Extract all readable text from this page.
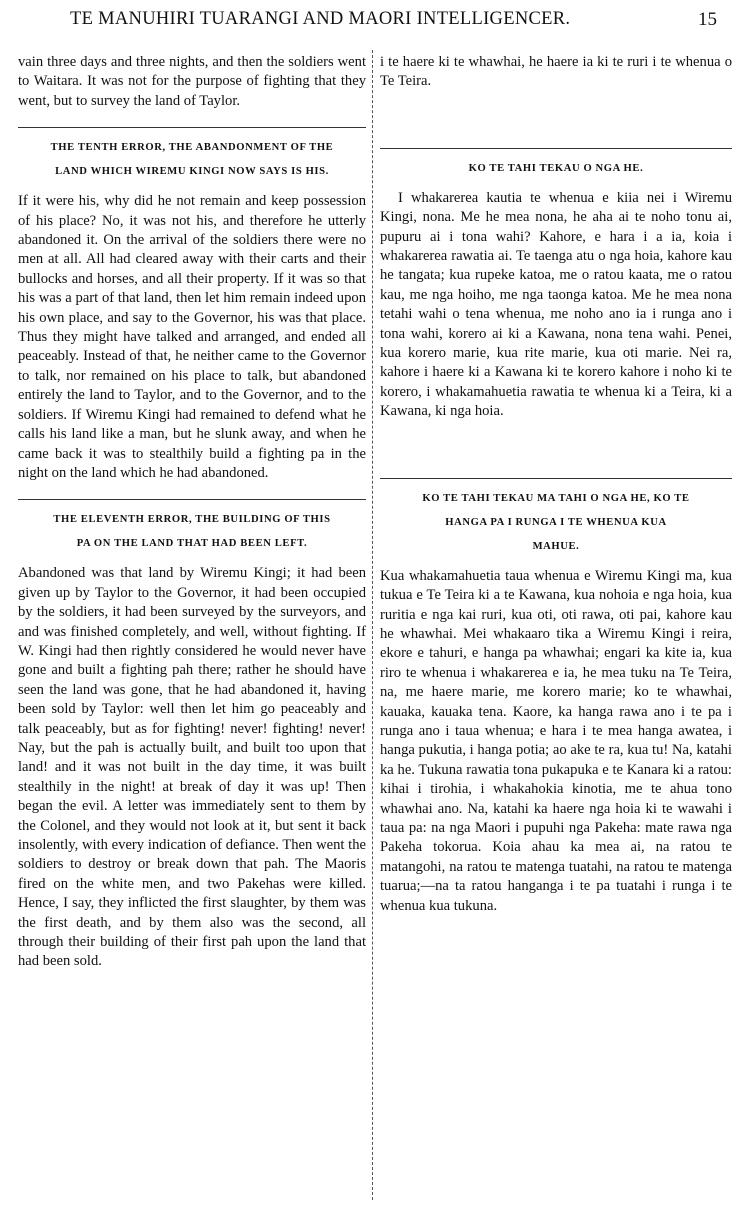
TE MANUHIRI TUARANGI AND MAORI INTELLIGENCER.	15

vain three days and three nights, and then the soldiers went to Waitara. It was not for the purpose of fighting that they went, but to survey the land of Taylor.

THE TENTH ERROR, THE ABANDONMENT OF THE
LAND WHICH WIREMU KINGI NOW SAYS IS HIS.

If it were his, why did he not remain and keep possession of his place? No, it was not his, and therefore he utterly abandoned it. On the arrival of the soldiers there were no men at all. All had cleared away with their carts and their bullocks and horses, and all their property. If it was so that his was a part of that land, then let him remain indeed upon his own place, and say to the Governor, his was that place. Thus they might have talked and arranged, and ended all peaceably. Instead of that, he neither came to the Governor to talk, nor remained on his place to talk, but abandoned entirely the land to Taylor, and to the Governor, and to the soldiers. If Wiremu Kingi had remained to defend what he calls his land like a man, but he slunk away, and when he came back it was to stealthily build a fighting pa in the night on the land which he had abandoned.

THE ELEVENTH ERROR, THE BUILDING OF THIS
PA ON THE LAND THAT HAD BEEN LEFT.

Abandoned was that land by Wiremu Kingi; it had been given up by Taylor to the Governor, it had been occupied by the soldiers, it had been surveyed by the surveyors, and and was finished completely, and well, without fighting. If W. Kingi had then rightly considered he would never have gone and built a fighting pah there; rather he should have seen the land was gone, that he had abandoned it, having been sold by Taylor: well then let him go peaceably and talk peaceably, but as for fighting! never! fighting! never! Nay, but the pah is actually built, and built too upon that land! and it was not built in the day time, it was built stealthily in the night! at break of day it was up! Then began the evil. A letter was immediately sent to them by the Colonel, and they would not look at it, but sent it back insolently, with every indication of defiance. Then went the soldiers to destroy or break down that pah. The Maoris fired on the white men, and two Pakehas were killed. Hence, I say, they inflicted the first slaughter, by them was the first death, and by them also was the second, all through their building of their first pah upon the land that had been sold.

i te haere ki te whawhai, he haere ia ki te ruri i te whenua o Te Teira.

KO TE TAHI TEKAU O NGA HE.

I whakarerea kautia te whenua e kiia nei i Wiremu Kingi, nona. Me he mea nona, he aha ai te noho tonu ai, pupuru ai i tona wahi? Kahore, e hara i a ia, koia i whakarerea rawatia ai. Te taenga atu o nga hoia, kahore kau he tangata; kua rupeke katoa, me o ratou kaata, me o ratou kau, me nga hoiho, me nga taonga katoa. Me he mea nona tetahi wahi o tena whenua, me noho ano ia i runga ano i tona wahi, korero ai ki a Kawana, nona tena wahi. Penei, kua korero marie, kua rite marie, kua oti marie. Nei ra, kahore i haere ki a Kawana ki te korero kahore i noho ki te korero, i whakamahuetia rawatia te whenua ki a Teira, ki a Kawana, ki nga hoia.

KO TE TAHI TEKAU MA TAHI O NGA HE, KO TE
HANGA PA I RUNGA I TE WHENUA KUA
MAHUE.

Kua whakamahuetia taua whenua e Wiremu Kingi ma, kua tukua e Te Teira ki a te Kawana, kua nohoia e nga hoia, kua ruritia e nga kai ruri, kua oti, oti rawa, oti pai, kahore kau he whawhai. Mei whakaaro tika a Wiremu Kingi i reira, ekore e tahuri, e hanga pa whawhai; engari ka kite ia, kua riro te whenua i whakarerea e ia, he mea tuku na Te Teira, na, me haere marie, me korero marie; ko te whawhai, kauaka, kauaka tena. Kaore, ka hanga rawa ano i te pa i runga ano i taua whenua; e hara i te mea hanga awatea, i hanga pukutia, i hanga potia; ao ake te ra, kua tu! Na, katahi ka he. Tukuna rawatia tona pukapuka e te Kanara ki a ratou: kihai i tirohia, i whakahokia kinotia, me te ahua tono whawhai ano. Na, katahi ka haere nga hoia ki te wawahi i taua pa: na nga Maori i pupuhi nga Pakeha: mate rawa nga Pakeha tokorua. Koia ahau ka mea ai, na ratou te matangohi, na ratou te matenga tuatahi, na ratou te matenga tuarua;—na ta ratou hanganga i te pa tuatahi i runga i te whenua kua tukuna.
